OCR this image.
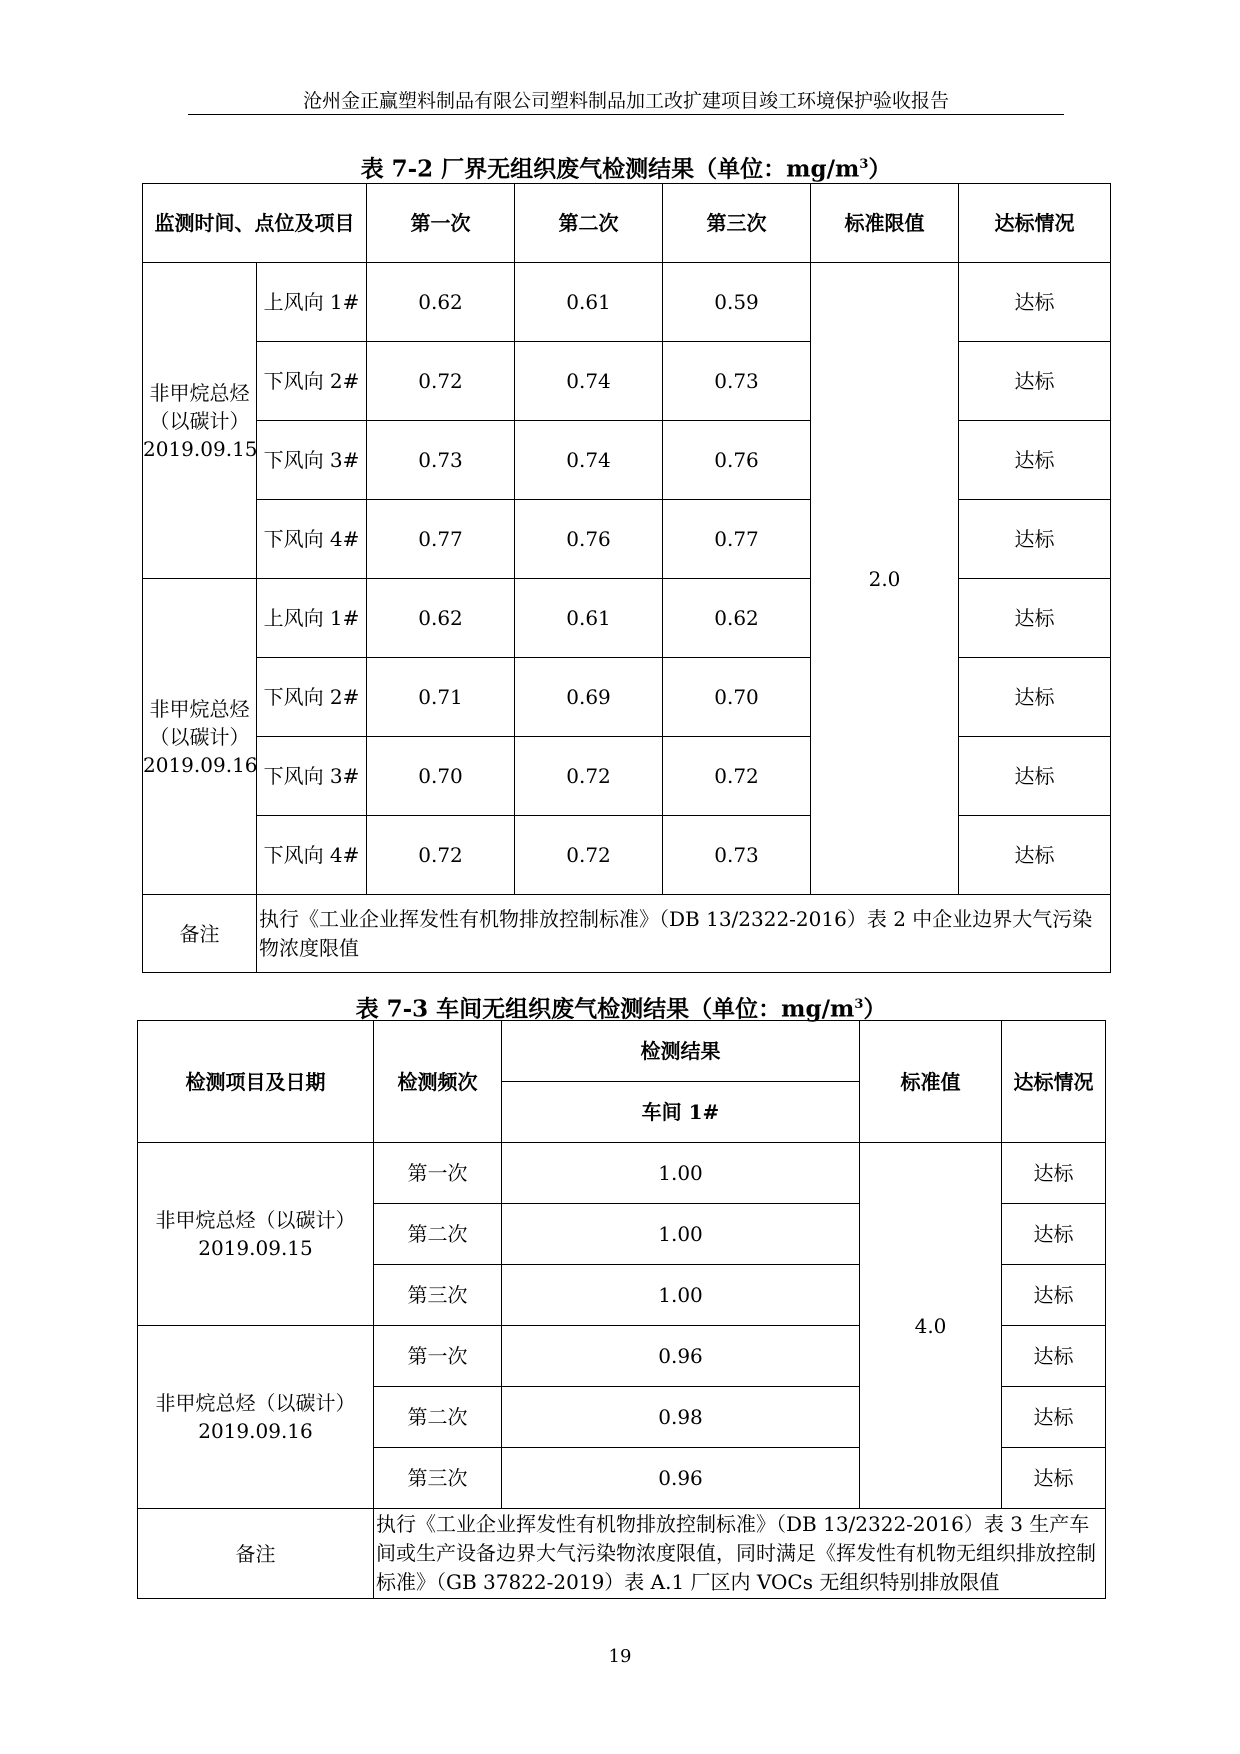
沧州金正赢塑料制品有限公司塑料制品加工改扩建项目竣工环境保护验收报告
表 7-2 厂界无组织废气检测结果（单位：$mg/m^3$）
监测时间、点位及项目		第一次	第二次	第三次	标准限值	达标情况
非甲烷总烃
（以碳计）
2019.09.15	上风向 1#	0.62	0.61	0.59	2.0	达标
	下风向 2#	0.72	0.74	0.73		达标
	下风向 3#	0.73	0.74	0.76		达标
	下风向 4#	0.77	0.76	0.77		达标
非甲烷总烃
（以碳计）
2019.09.16	上风向 1#	0.62	0.61	0.62		达标
	下风向 2#	0.71	0.69	0.70		达标
	下风向 3#	0.70	0.72	0.72		达标
	下风向 4#	0.72	0.72	0.73		达标
备注	执行《工业企业挥发性有机物排放控制标准》（DB 13/2322-2016）表 2 中企业边界大气污染物浓度限值					
表 7-3 车间无组织废气检测结果（单位：$mg/m^3$）
检测项目及日期	检测频次	检测结果	标准值	达标情况
		车间 1#		
非甲烷总烃（以碳计）
2019.09.15	第一次	1.00	4.0	达标
	第二次	1.00		达标
	第三次	1.00		达标
非甲烷总烃（以碳计）
2019.09.16	第一次	0.96		达标
	第二次	0.98		达标
	第三次	0.96		达标
备注	执行《工业企业挥发性有机物排放控制标准》（DB 13/2322-2016）表 3 生产车间或生产设备边界大气污染物浓度限值，同时满足《挥发性有机物无组织排放控制标准》（GB 37822-2019）表 A.1 厂区内 VOCs 无组织特别排放限值			
19
